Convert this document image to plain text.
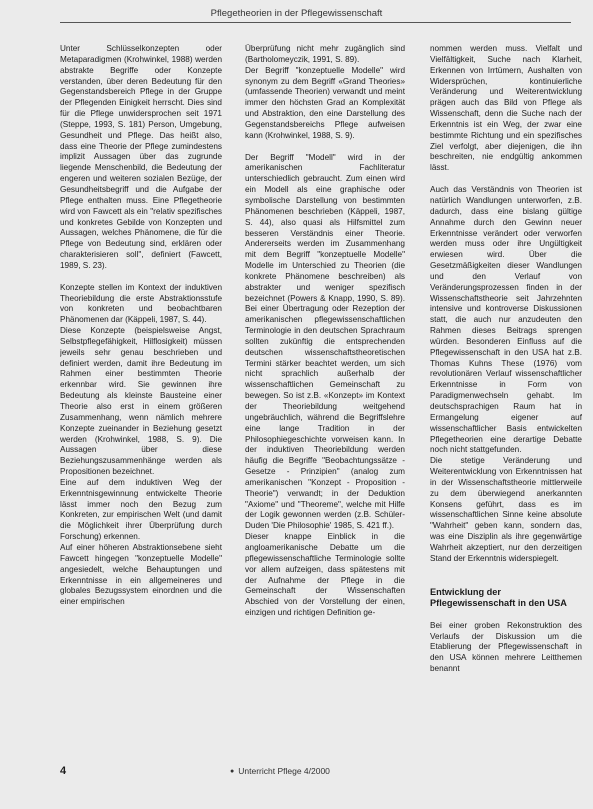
Pflegetheorien in der Pflegewissenschaft

Unter Schlüsselkonzepten oder Metaparadigmen (Krohwinkel, 1988) werden abstrakte Begriffe oder Konzepte verstanden, über deren Bedeutung für den Gegenstandsbereich Pflege in der Gruppe der Pflegenden Einigkeit herrscht. Dies sind für die Pflege unwidersprochen seit 1971 (Steppe, 1993, S. 181) Person, Umgebung, Gesundheit und Pflege. Das heißt also, dass eine Theorie der Pflege zumindestens implizit Aussagen über das zugrunde liegende Menschenbild, die Bedeutung der engeren und weiteren sozialen Bezüge, der Gesundheitsbegriff und die Aufgabe der Pflege enthalten muss. Eine Pflegetheorie wird von Fawcett als ein "relativ spezifisches und konkretes Gebilde von Konzepten und Aussagen, welches Phänomene, die für die Pflege von Bedeutung sind, erklären oder charakterisieren soll", definiert (Fawcett, 1989, S. 23).

Konzepte stellen im Kontext der induktiven Theoriebildung die erste Abstraktionsstufe von konkreten und beobachtbaren Phänomenen dar (Käppeli, 1987, S. 44).

Diese Konzepte (beispielsweise Angst, Selbstpflegefähigkeit, Hilflosigkeit) müssen jeweils sehr genau beschrieben und definiert werden, damit ihre Bedeutung im Rahmen einer bestimmten Theorie erkennbar wird. Sie gewinnen ihre Bedeutung als kleinste Bausteine einer Theorie also erst in einem größeren Zusammenhang, wenn nämlich mehrere Konzepte zueinander in Beziehung gesetzt werden (Krohwinkel, 1988, S. 9). Die Aussagen über diese Beziehungszusammenhänge werden als Propositionen bezeichnet.

Eine auf dem induktiven Weg der Erkenntnisgewinnung entwickelte Theorie lässt immer noch den Bezug zum Konkreten, zur empirischen Welt (und damit die Möglichkeit ihrer Überprüfung durch Forschung) erkennen.

Auf einer höheren Abstraktionsebene sieht Fawcett hingegen "konzeptuelle Modelle" angesiedelt, welche Behauptungen und Erkenntnisse in ein allgemeineres und globales Bezugssystem einordnen und die einer empirischen

Überprüfung nicht mehr zugänglich sind (Bartholomeyczik, 1991, S. 89).

Der Begriff "konzeptuelle Modelle" wird synonym zu dem Begriff «Grand Theories» (umfassende Theorien) verwandt und meint immer den höchsten Grad an Komplexität und Abstraktion, den eine Darstellung des Gegenstandsbereichs Pflege aufweisen kann (Krohwinkel, 1988, S. 9).

Der Begriff "Modell" wird in der amerikanischen Fachliteratur unterschiedlich gebraucht. Zum einen wird ein Modell als eine graphische oder symbolische Darstellung von bestimmten Phänomenen beschrieben (Käppeli, 1987, S. 44), also quasi als Hilfsmittel zum besseren Verständnis einer Theorie. Andererseits werden im Zusammenhang mit dem Begriff "konzeptuelle Modelle" Modelle im Unterschied zu Theorien (die konkrete Phänomene beschreiben) als abstrakter und weniger spezifisch bezeichnet (Powers & Knapp, 1990, S. 89). Bei einer Übertragung oder Rezeption der amerikanischen pflegewissenschaftlichen Terminologie in den deutschen Sprachraum sollten zukünftig die entsprechenden deutschen wissenschaftstheoretischen Termini stärker beachtet werden, um sich nicht sprachlich außerhalb der wissenschaftlichen Gemeinschaft zu bewegen. So ist z.B. «Konzept» im Kontext der Theoriebildung weitgehend ungebräuchlich, während die Begriffslehre eine lange Tradition in der Philosophiegeschichte vorweisen kann. In der induktiven Theoriebildung werden häufig die Begriffe "Beobachtungssätze - Gesetze - Prinzipien" (analog zum amerikanischen "Konzept - Proposition - Theorie") verwandt; in der Deduktion "Axiome" und "Theoreme", welche mit Hilfe der Logik gewonnen werden (z.B. Schüler-Duden 'Die Philosophie' 1985, S. 421 ff.).

Dieser knappe Einblick in die angloamerikanische Debatte um die pflegewissenschaftliche Terminologie sollte vor allem aufzeigen, dass spätestens mit der Aufnahme der Pflege in die Gemeinschaft der Wissenschaften Abschied von der Vorstellung der einen, einzigen und richtigen Definition ge-

nommen werden muss. Vielfalt und Vielfältigkeit, Suche nach Klarheit, Erkennen von Irrtümern, Aushalten von Widersprüchen, kontinuierliche Veränderung und Weiterentwicklung prägen auch das Bild von Pflege als Wissenschaft, denn die Suche nach der Erkenntnis ist ein Weg, der zwar eine bestimmte Richtung und ein spezifisches Ziel verfolgt, aber diejenigen, die ihn beschreiten, nie endgültig ankommen lässt.

Auch das Verständnis von Theorien ist natürlich Wandlungen unterworfen, z.B. dadurch, dass eine bislang gültige Annahme durch den Gewinn neuer Erkenntnisse verändert oder verworfen werden muss oder ihre Ungültigkeit erwiesen wird. Über die Gesetzmäßigkeiten dieser Wandlungen und den Verlauf von Veränderungsprozessen finden in der Wissenschaftstheorie seit Jahrzehnten intensive und kontroverse Diskussionen statt, die auch nur anzudeuten den Rahmen dieses Beitrags sprengen würden. Besonderen Einfluss auf die Pflegewissenschaft in den USA hat z.B. Thomas Kuhns These (1976) vom revolutionären Verlauf wissenschaftlicher Erkenntnisse in Form von Paradigmenwechseln gehabt. Im deutschsprachigen Raum hat in Ermangelung eigener auf wissenschaftlicher Basis entwickelten Pflegetheorien eine derartige Debatte noch nicht stattgefunden.

Die stetige Veränderung und Weiterentwicklung von Erkenntnissen hat in der Wissenschaftstheorie mittlerweile zu dem überwiegend anerkannten Konsens geführt, dass es im wissenschaftlichen Sinne keine absolute "Wahrheit" geben kann, sondern das, was eine Disziplin als ihre gegenwärtige Wahrheit akzeptiert, nur den derzeitigen Stand der Erkenntnis widerspiegelt.

Entwicklung der
Pflegewissenschaft in den USA

Bei einer groben Rekonstruktion des Verlaufs der Diskussion um die Etablierung der Pflegewissenschaft in den USA können mehrere Leitthemen benannt

4	● Unterricht Pflege 4/2000
